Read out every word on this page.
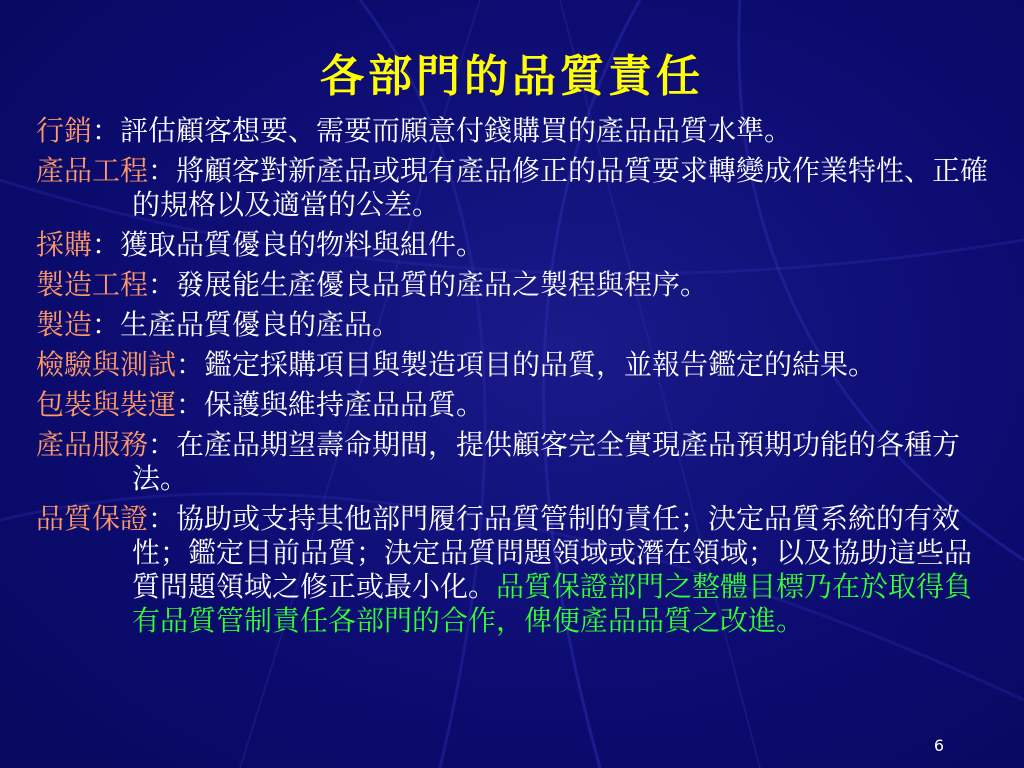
各部門的品質責任
行銷：評估顧客想要、需要而願意付錢購買的產品品質水準。
產品工程：將顧客對新產品或現有產品修正的品質要求轉變成作業特性、正確的規格以及適當的公差。
採購：獲取品質優良的物料與組件。
製造工程：發展能生產優良品質的產品之製程與程序。
製造：生產品質優良的產品。
檢驗與測試：鑑定採購項目與製造項目的品質，並報告鑑定的結果。
包裝與裝運：保護與維持產品品質。
產品服務：在產品期望壽命期間，提供顧客完全實現產品預期功能的各種方法。
品質保證：協助或支持其他部門履行品質管制的責任；決定品質系統的有效性；鑑定目前品質；決定品質問題領域或潛在領域；以及協助這些品質問題領域之修正或最小化。品質保證部門之整體目標乃在於取得負有品質管制責任各部門的合作，俾便產品品質之改進。
6
